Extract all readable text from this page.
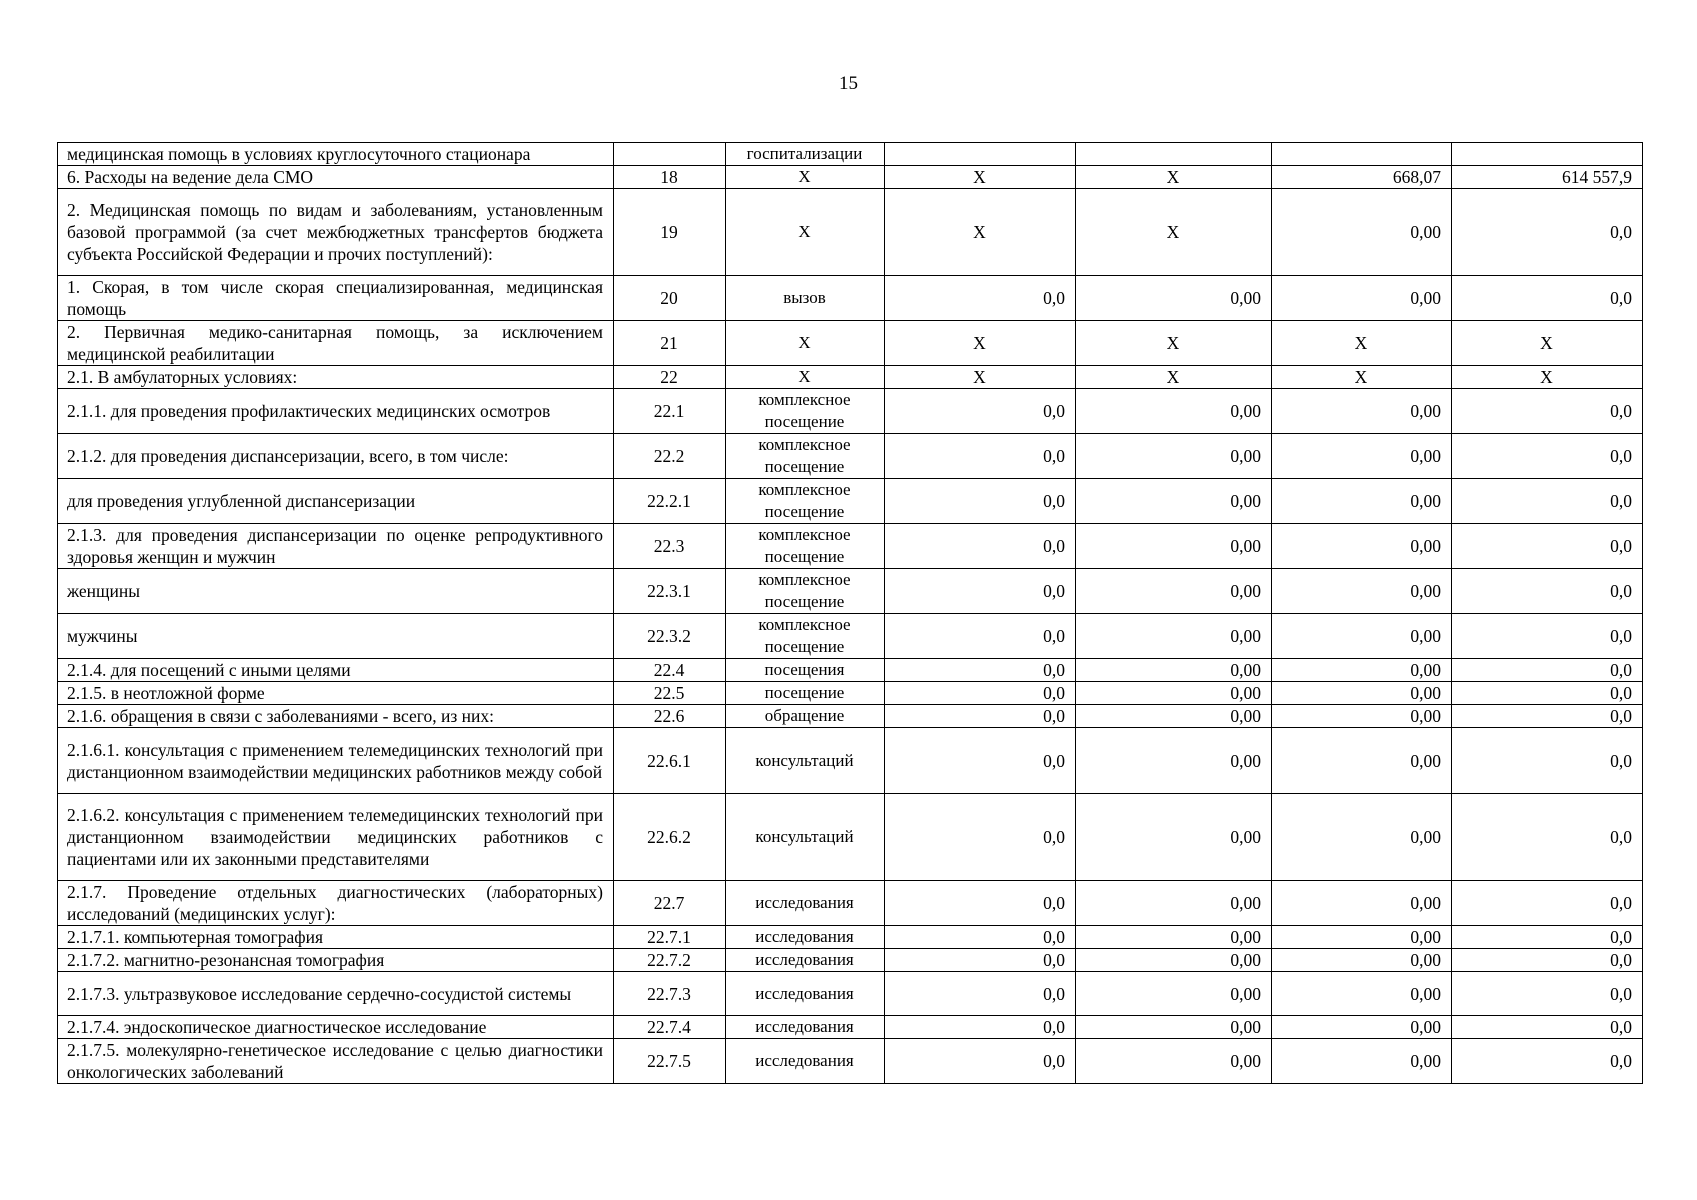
15
медицинская помощь в условиях круглосуточного стационара		госпитализации				
6. Расходы на ведение дела СМО	18	Х	Х	Х	668,07	614 557,9
2. Медицинская помощь по видам и заболеваниям, установленным базовой программой (за счет межбюджетных трансфертов бюджета субъекта Российской Федерации и прочих поступлений):	19	Х	Х	Х	0,00	0,0
1. Скорая, в том числе скорая специализированная, медицинская помощь	20	вызов	0,0	0,00	0,00	0,0
2. Первичная медико-санитарная помощь, за исключением медицинской реабилитации	21	Х	Х	Х	Х	Х
2.1. В амбулаторных условиях:	22	Х	Х	Х	Х	Х
2.1.1. для проведения профилактических медицинских осмотров	22.1	комплексное посещение	0,0	0,00	0,00	0,0
2.1.2. для проведения диспансеризации, всего, в том числе:	22.2	комплексное посещение	0,0	0,00	0,00	0,0
для проведения углубленной диспансеризации	22.2.1	комплексное посещение	0,0	0,00	0,00	0,0
2.1.3. для проведения диспансеризации по оценке репродуктивного здоровья женщин и мужчин	22.3	комплексное посещение	0,0	0,00	0,00	0,0
женщины	22.3.1	комплексное посещение	0,0	0,00	0,00	0,0
мужчины	22.3.2	комплексное посещение	0,0	0,00	0,00	0,0
2.1.4. для посещений с иными целями	22.4	посещения	0,0	0,00	0,00	0,0
2.1.5. в неотложной форме	22.5	посещение	0,0	0,00	0,00	0,0
2.1.6. обращения в связи с заболеваниями - всего, из них:	22.6	обращение	0,0	0,00	0,00	0,0
2.1.6.1. консультация с применением телемедицинских технологий при дистанционном взаимодействии медицинских работников между собой	22.6.1	консультаций	0,0	0,00	0,00	0,0
2.1.6.2. консультация с применением телемедицинских технологий при дистанционном взаимодействии медицинских работников с пациентами или их законными представителями	22.6.2	консультаций	0,0	0,00	0,00	0,0
2.1.7. Проведение отдельных диагностических (лабораторных) исследований (медицинских услуг):	22.7	исследования	0,0	0,00	0,00	0,0
2.1.7.1. компьютерная томография	22.7.1	исследования	0,0	0,00	0,00	0,0
2.1.7.2. магнитно-резонансная томография	22.7.2	исследования	0,0	0,00	0,00	0,0
2.1.7.3. ультразвуковое исследование сердечно-сосудистой системы	22.7.3	исследования	0,0	0,00	0,00	0,0
2.1.7.4. эндоскопическое диагностическое исследование	22.7.4	исследования	0,0	0,00	0,00	0,0
2.1.7.5. молекулярно-генетическое исследование с целью диагностики онкологических заболеваний	22.7.5	исследования	0,0	0,00	0,00	0,0
